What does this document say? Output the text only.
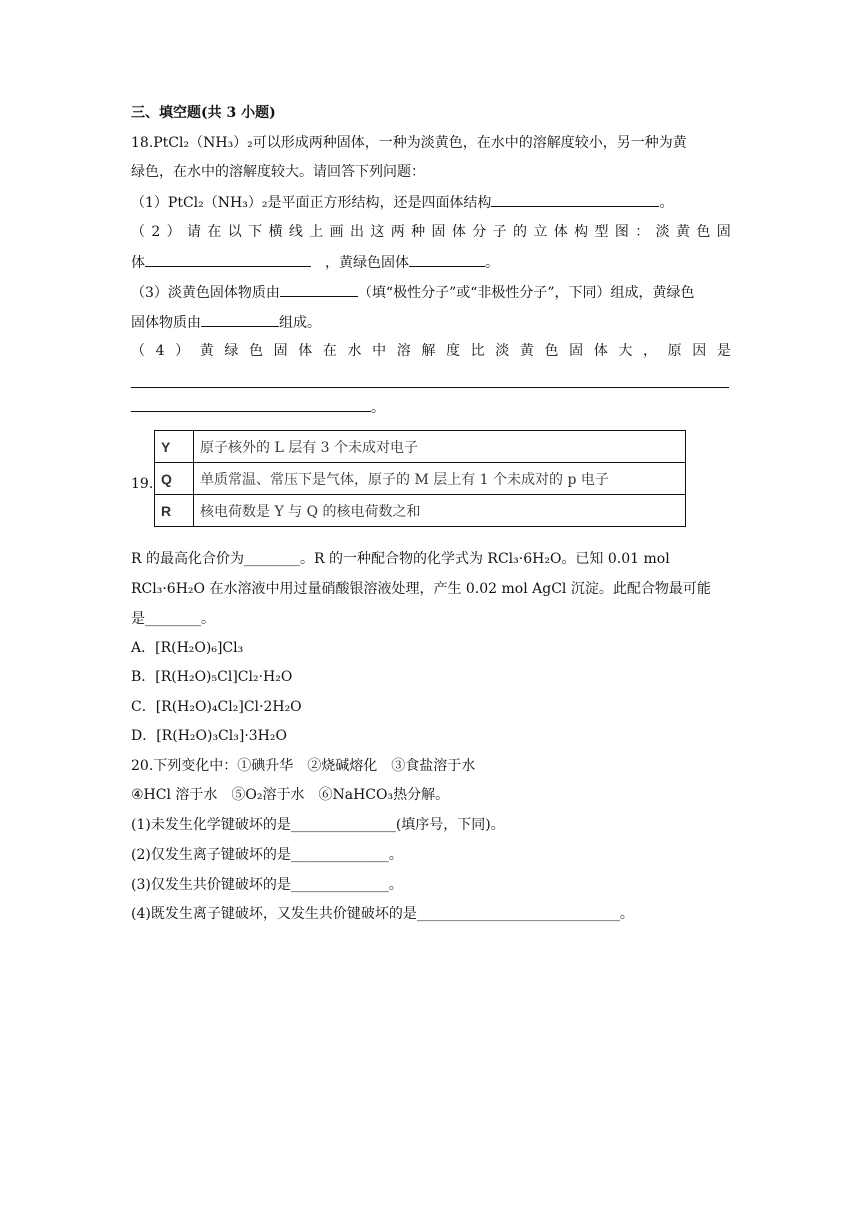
三、填空题(共 3 小题)
18.PtCl₂（NH₃）₂可以形成两种固体，一种为淡黄色，在水中的溶解度较小，另一种为黄
绿色，在水中的溶解度较大。请回答下列问题：
（1）PtCl₂（NH₃）₂是平面正方形结构，还是四面体结构	。
（ 2 ） 请 在 以 下 横 线 上 画 出 这 两 种 固 体 分 子 的 立 体 构 型 图 ： 淡 黄 色 固
体	，黄绿色固体	。
（3）淡黄色固体物质由	（填“极性分子”或“非极性分子”，下同）组成，黄绿色
固体物质由	组成。
（ 4 ） 黄 绿 色 固 体 在 水 中 溶 解 度 比 淡 黄 色 固 体 大 ， 原 因 是
。
19.
Y	原子核外的 L 层有 3 个未成对电子
Q	单质常温、常压下是气体，原子的 M 层上有 1 个未成对的 p 电子
R	核电荷数是 Y 与 Q 的核电荷数之和
R 的最高化合价为________。R 的一种配合物的化学式为 RCl₃·6H₂O。已知 0.01 mol
RCl₃·6H₂O 在水溶液中用过量硝酸银溶液处理，产生 0.02 mol AgCl 沉淀。此配合物最可能
是________。
A．[R(H₂O)₆]Cl₃
B．[R(H₂O)₅Cl]Cl₂·H₂O
C．[R(H₂O)₄Cl₂]Cl·2H₂O
D．[R(H₂O)₃Cl₃]·3H₂O
20.下列变化中：①碘升华　②烧碱熔化　③食盐溶于水
④HCl 溶于水　⑤O₂溶于水　⑥NaHCO₃热分解。
(1)未发生化学键破坏的是_______________(填序号，下同)。
(2)仅发生离子键破坏的是______________。
(3)仅发生共价键破坏的是______________。
(4)既发生离子键破坏，又发生共价键破坏的是_____________________________。
